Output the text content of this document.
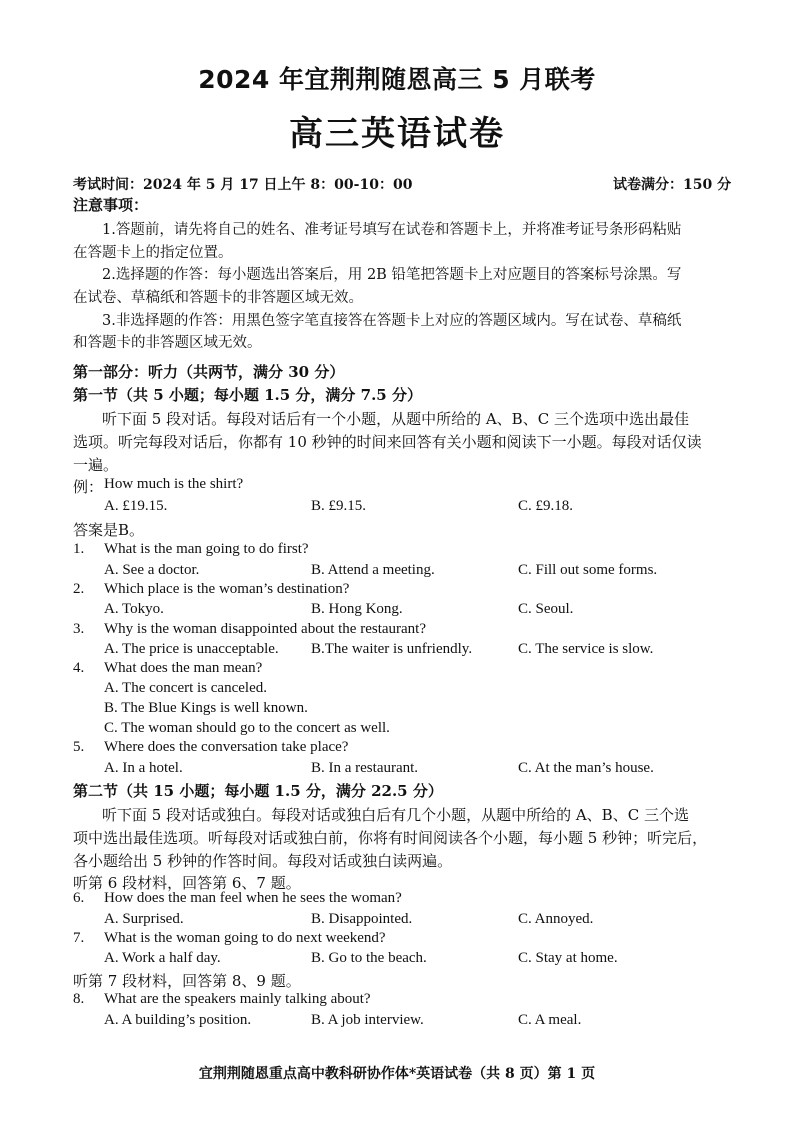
2024 年宜荆荆随恩高三 5 月联考
高三英语试卷
考试时间：2024 年 5 月 17 日上午 8：00-10：00	试卷满分：150 分
注意事项：
1.答题前，请先将自己的姓名、准考证号填写在试卷和答题卡上，并将准考证号条形码粘贴
在答题卡上的指定位置。
2.选择题的作答：每小题选出答案后，用 2B 铅笔把答题卡上对应题目的答案标号涂黑。写
在试卷、草稿纸和答题卡的非答题区域无效。
3.非选择题的作答：用黑色签字笔直接答在答题卡上对应的答题区域内。写在试卷、草稿纸
和答题卡的非答题区域无效。
第一部分：听力（共两节，满分 30 分）
第一节（共 5 小题；每小题 1.5 分，满分 7.5 分）
听下面 5 段对话。每段对话后有一个小题，从题中所给的 A、B、C 三个选项中选出最佳
选项。听完每段对话后，你都有 10 秒钟的时间来回答有关小题和阅读下一小题。每段对话仅读
一遍。
例： How much is the shirt?
A. £19.15.	B. £9.15.	C. £9.18.
答案是B。
1. What is the man going to do first?
A. See a doctor.	B. Attend a meeting.	C. Fill out some forms.
2. Which place is the woman’s destination?
A. Tokyo.	B. Hong Kong.	C. Seoul.
3. Why is the woman disappointed about the restaurant?
A. The price is unacceptable. B.The waiter is unfriendly.	C. The service is slow.
4. What does the man mean?
A. The concert is canceled.
B. The Blue Kings is well known.
C. The woman should go to the concert as well.
5. Where does the conversation take place?
A. In a hotel.	B. In a restaurant.	C. At the man’s house.
第二节（共 15 小题；每小题 1.5 分，满分 22.5 分）
听下面 5 段对话或独白。每段对话或独白后有几个小题，从题中所给的 A、B、C 三个选
项中选出最佳选项。听每段对话或独白前，你将有时间阅读各个小题，每小题 5 秒钟；听完后，
各小题给出 5 秒钟的作答时间。每段对话或独白读两遍。
听第 6 段材料，回答第 6、7 题。
6. How does the man feel when he sees the woman?
A. Surprised.	B. Disappointed.	C. Annoyed.
7. What is the woman going to do next weekend?
A. Work a half day.	B. Go to the beach.	C. Stay at home.
听第 7 段材料，回答第 8、9 题。
8. What are the speakers mainly talking about?
A. A building’s position.	B. A job interview.	C. A meal.
宜荆荆随恩重点高中教科研协作体*英语试卷（共 8 页）第 1 页
